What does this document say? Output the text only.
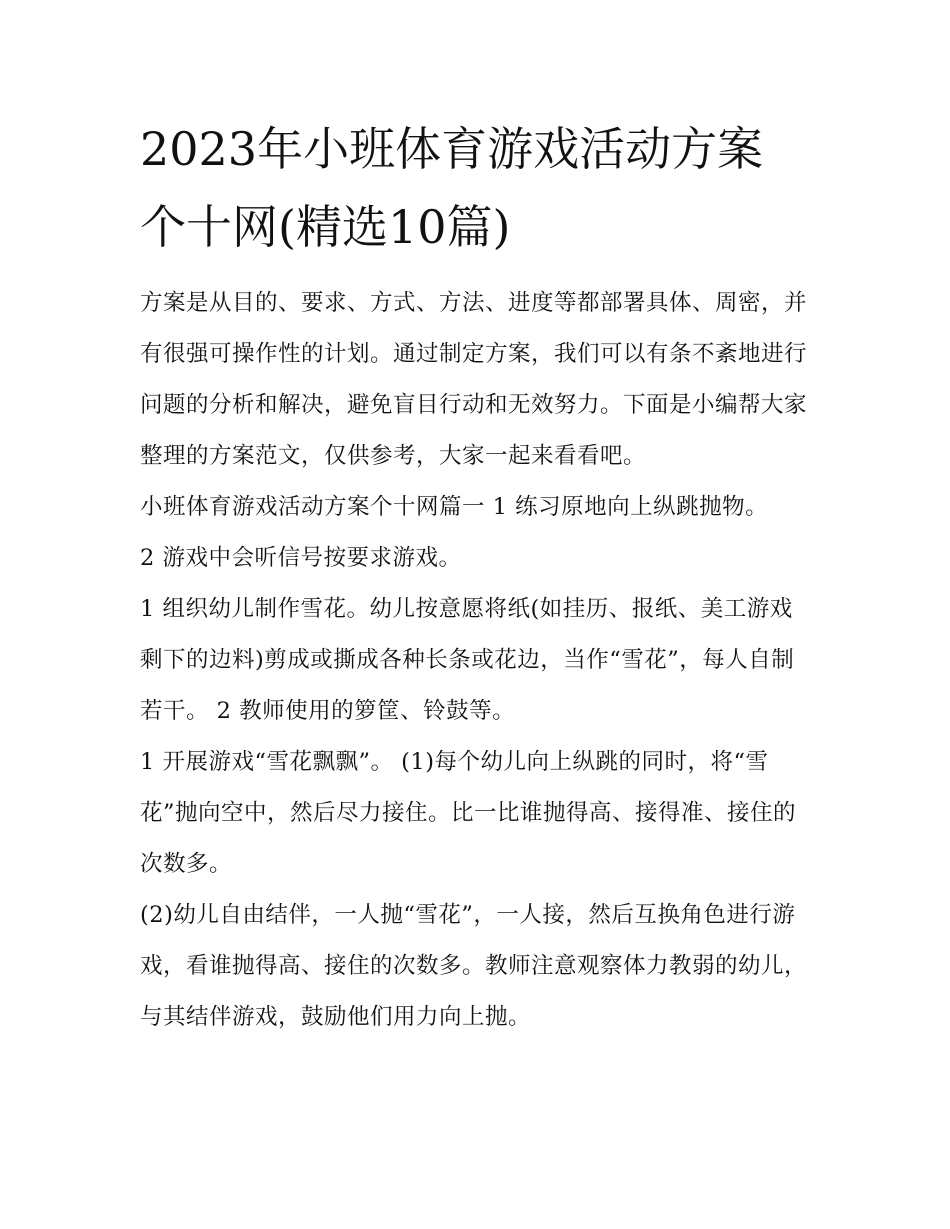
2023年小班体育游戏活动方案
个十网(精选10篇)

方案是从目的、要求、方式、方法、进度等都部署具体、周密，并有很强可操作性的计划。通过制定方案，我们可以有条不紊地进行问题的分析和解决，避免盲目行动和无效努力。下面是小编帮大家整理的方案范文，仅供参考，大家一起来看看吧。

小班体育游戏活动方案个十网篇一 1 练习原地向上纵跳抛物。

2 游戏中会听信号按要求游戏。

1 组织幼儿制作雪花。幼儿按意愿将纸(如挂历、报纸、美工游戏剩下的边料)剪成或撕成各种长条或花边，当作“雪花”，每人自制若干。 2 教师使用的箩筐、铃鼓等。

1 开展游戏“雪花飘飘”。 (1)每个幼儿向上纵跳的同时，将“雪花”抛向空中，然后尽力接住。比一比谁抛得高、接得准、接住的次数多。

(2)幼儿自由结伴，一人抛“雪花”，一人接，然后互换角色进行游戏，看谁抛得高、接住的次数多。教师注意观察体力教弱的幼儿，与其结伴游戏，鼓励他们用力向上抛。
